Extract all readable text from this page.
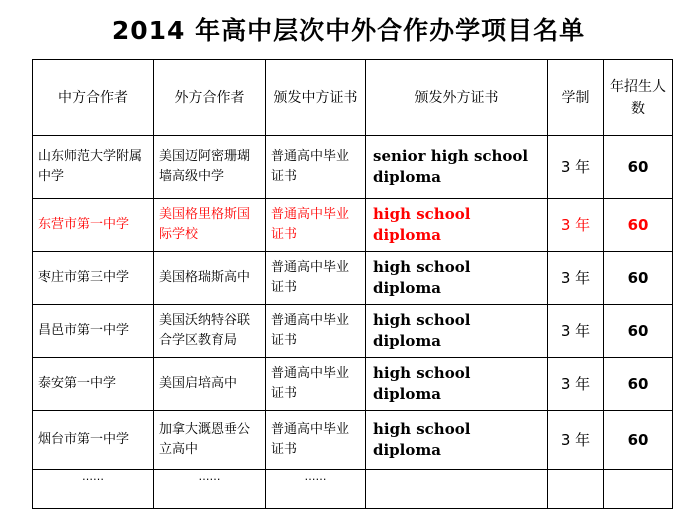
2014 年高中层次中外合作办学项目名单
中方合作者	外方合作者	颁发中方证书	颁发外方证书	学制	年招生人数
山东师范大学附属中学	美国迈阿密珊瑚墙高级中学	普通高中毕业证书	senior high school diploma	3 年	60
东营市第一中学	美国格里格斯国际学校	普通高中毕业证书	high school diploma	3 年	60
枣庄市第三中学	美国格瑞斯高中	普通高中毕业证书	high school diploma	3 年	60
昌邑市第一中学	美国沃纳特谷联合学区教育局	普通高中毕业证书	high school diploma	3 年	60
泰安第一中学	美国启培高中	普通高中毕业证书	high school diploma	3 年	60
烟台市第一中学	加拿大溉恩垂公立高中	普通高中毕业证书	high school diploma	3 年	60
……	……	……			
